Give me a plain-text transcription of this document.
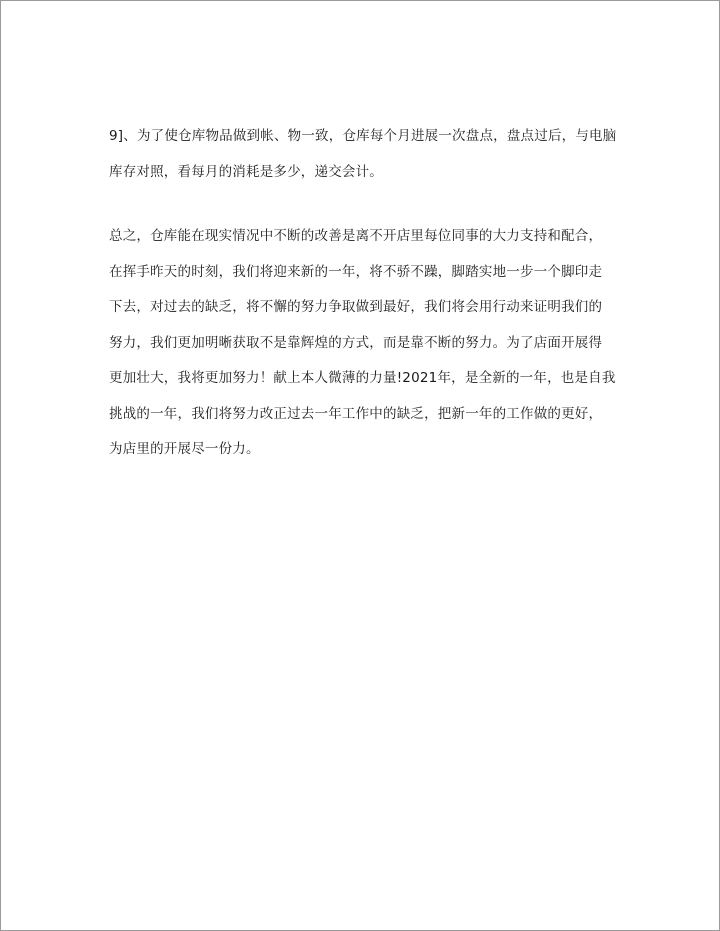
9]、为了使仓库物品做到帐、物一致，仓库每个月进展一次盘点，盘点过后，与电脑
库存对照，看每月的消耗是多少，递交会计。
总之，仓库能在现实情况中不断的改善是离不开店里每位同事的大力支持和配合，
在挥手昨天的时刻，我们将迎来新的一年，将不骄不躁，脚踏实地一步一个脚印走
下去，对过去的缺乏，将不懈的努力争取做到最好，我们将会用行动来证明我们的
努力，我们更加明晰获取不是靠辉煌的方式，而是靠不断的努力。为了店面开展得
更加壮大，我将更加努力！献上本人微薄的力量!2021年，是全新的一年，也是自我
挑战的一年，我们将努力改正过去一年工作中的缺乏，把新一年的工作做的更好，
为店里的开展尽一份力。
